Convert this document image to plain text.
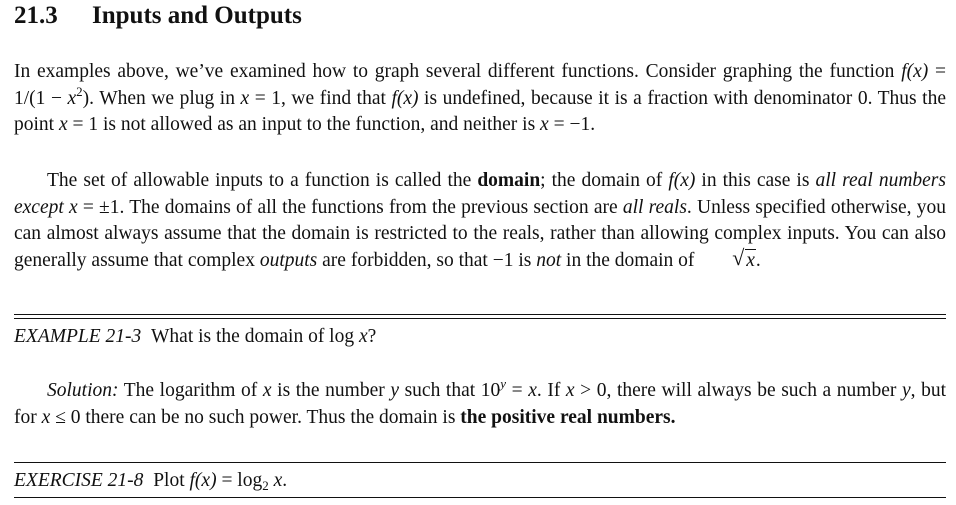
21.3 Inputs and Outputs

In examples above, we’ve examined how to graph several different functions. Consider graphing the function $f(x) = 1/(1 - x^2)$. When we plug in x = 1, we find that f(x) is undefined, because it is a fraction with denominator 0. Thus the point x = 1 is not allowed as an input to the function, and neither is x = −1.

The set of allowable inputs to a function is called the domain; the domain of f(x) in this case is all real numbers except x = ±1. The domains of all the functions from the previous section are all reals. Unless specified otherwise, you can almost always assume that the domain is restricted to the reals, rather than allowing complex inputs. You can also generally assume that complex outputs are forbidden, so that −1 is not in the domain of	√ x.

EXAMPLE 21-3 What is the domain of log x?

Solution: The logarithm of x is the number y such that $10^y = x$. If x > 0, there will always be such a number y, but for x ≤ 0 there can be no such power. Thus the domain is the positive real numbers.

EXERCISE 21-8 Plot $f(x) = \log_2 x$.
